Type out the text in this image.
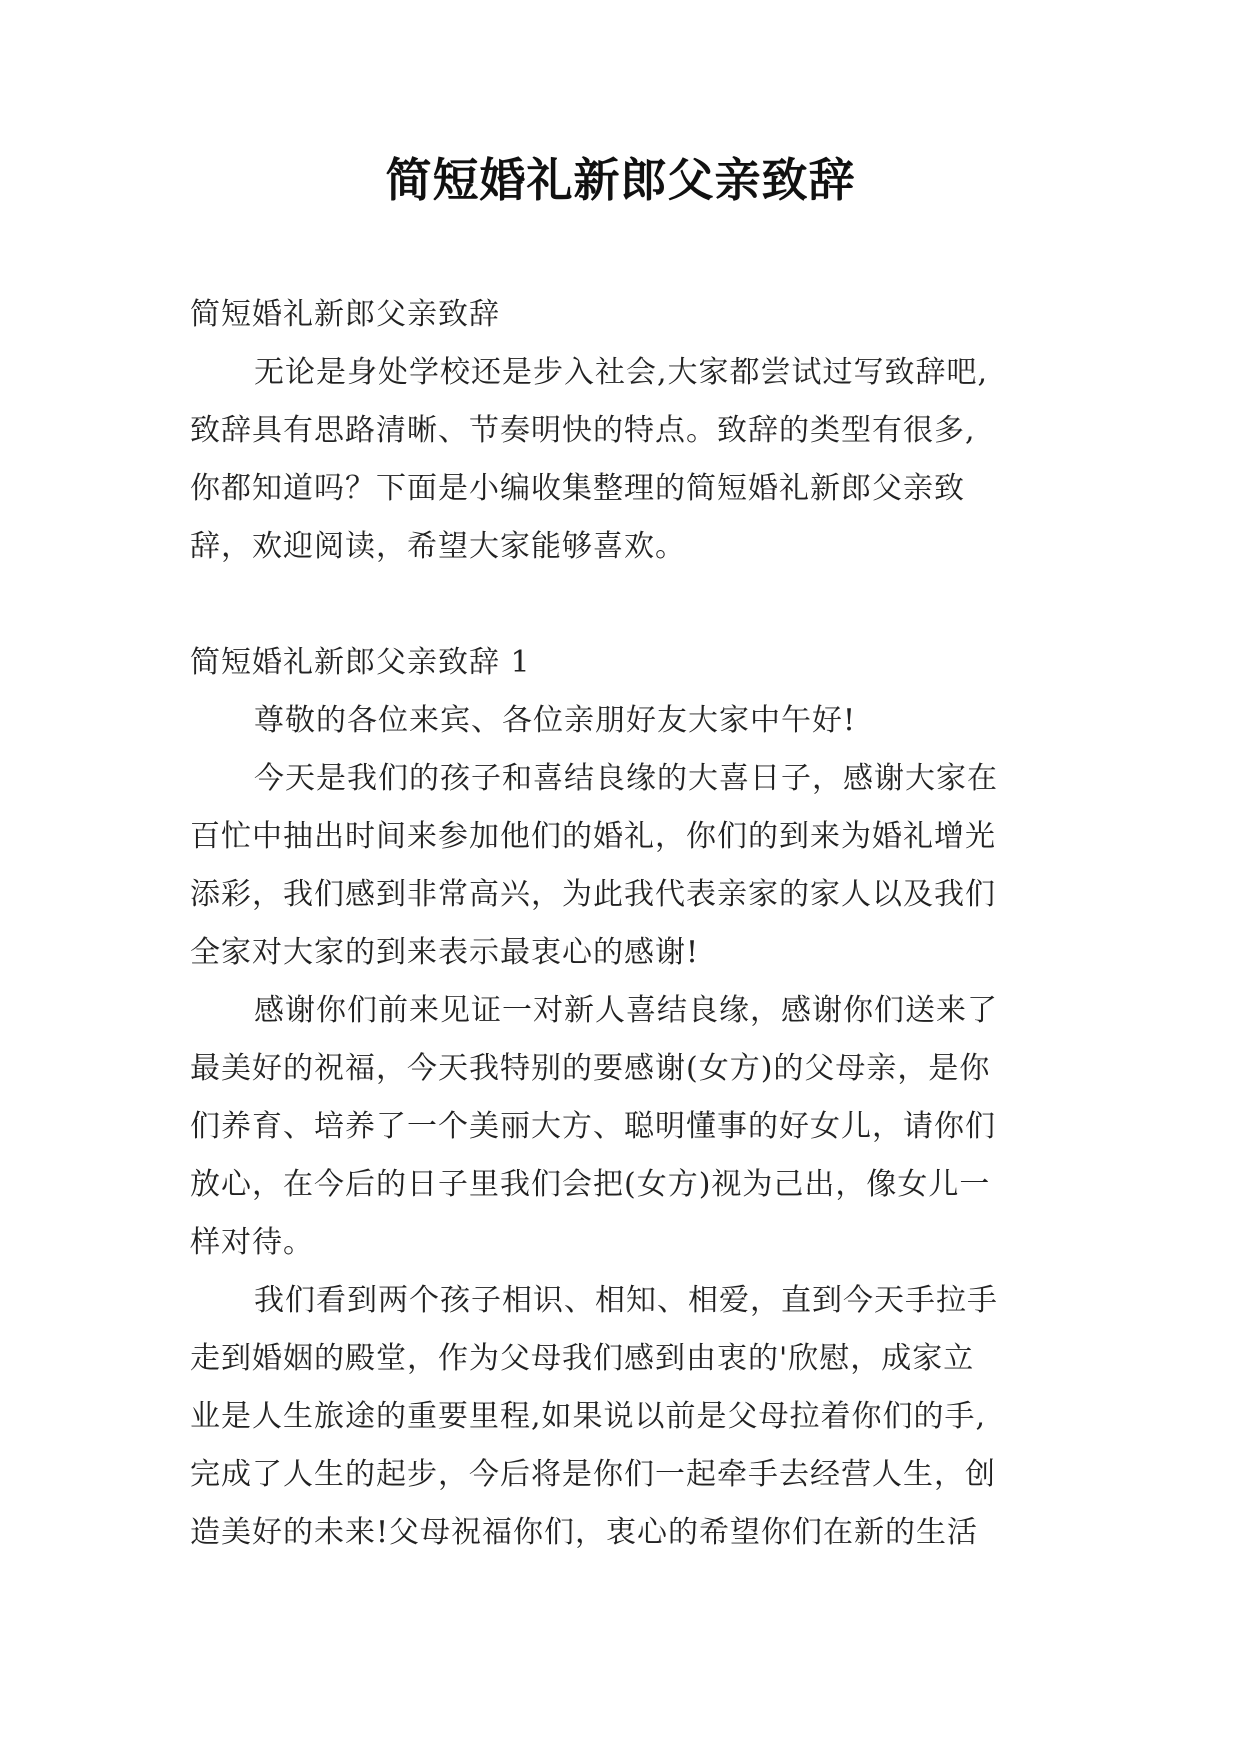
简短婚礼新郎父亲致辞
简短婚礼新郎父亲致辞
无论是身处学校还是步入社会,大家都尝试过写致辞吧,
致辞具有思路清晰、节奏明快的特点。致辞的类型有很多,
你都知道吗？下面是小编收集整理的简短婚礼新郎父亲致
辞，欢迎阅读，希望大家能够喜欢。
简短婚礼新郎父亲致辞 1
尊敬的各位来宾、各位亲朋好友大家中午好!
今天是我们的孩子和喜结良缘的大喜日子，感谢大家在
百忙中抽出时间来参加他们的婚礼，你们的到来为婚礼增光
添彩，我们感到非常高兴，为此我代表亲家的家人以及我们
全家对大家的到来表示最衷心的感谢!
感谢你们前来见证一对新人喜结良缘，感谢你们送来了
最美好的祝福，今天我特别的要感谢(女方)的父母亲，是你
们养育、培养了一个美丽大方、聪明懂事的好女儿，请你们
放心，在今后的日子里我们会把(女方)视为己出，像女儿一
样对待。
我们看到两个孩子相识、相知、相爱，直到今天手拉手
走到婚姻的殿堂，作为父母我们感到由衷的'欣慰，成家立
业是人生旅途的重要里程,如果说以前是父母拉着你们的手,
完成了人生的起步，今后将是你们一起牵手去经营人生，创
造美好的未来!父母祝福你们，衷心的希望你们在新的生活
